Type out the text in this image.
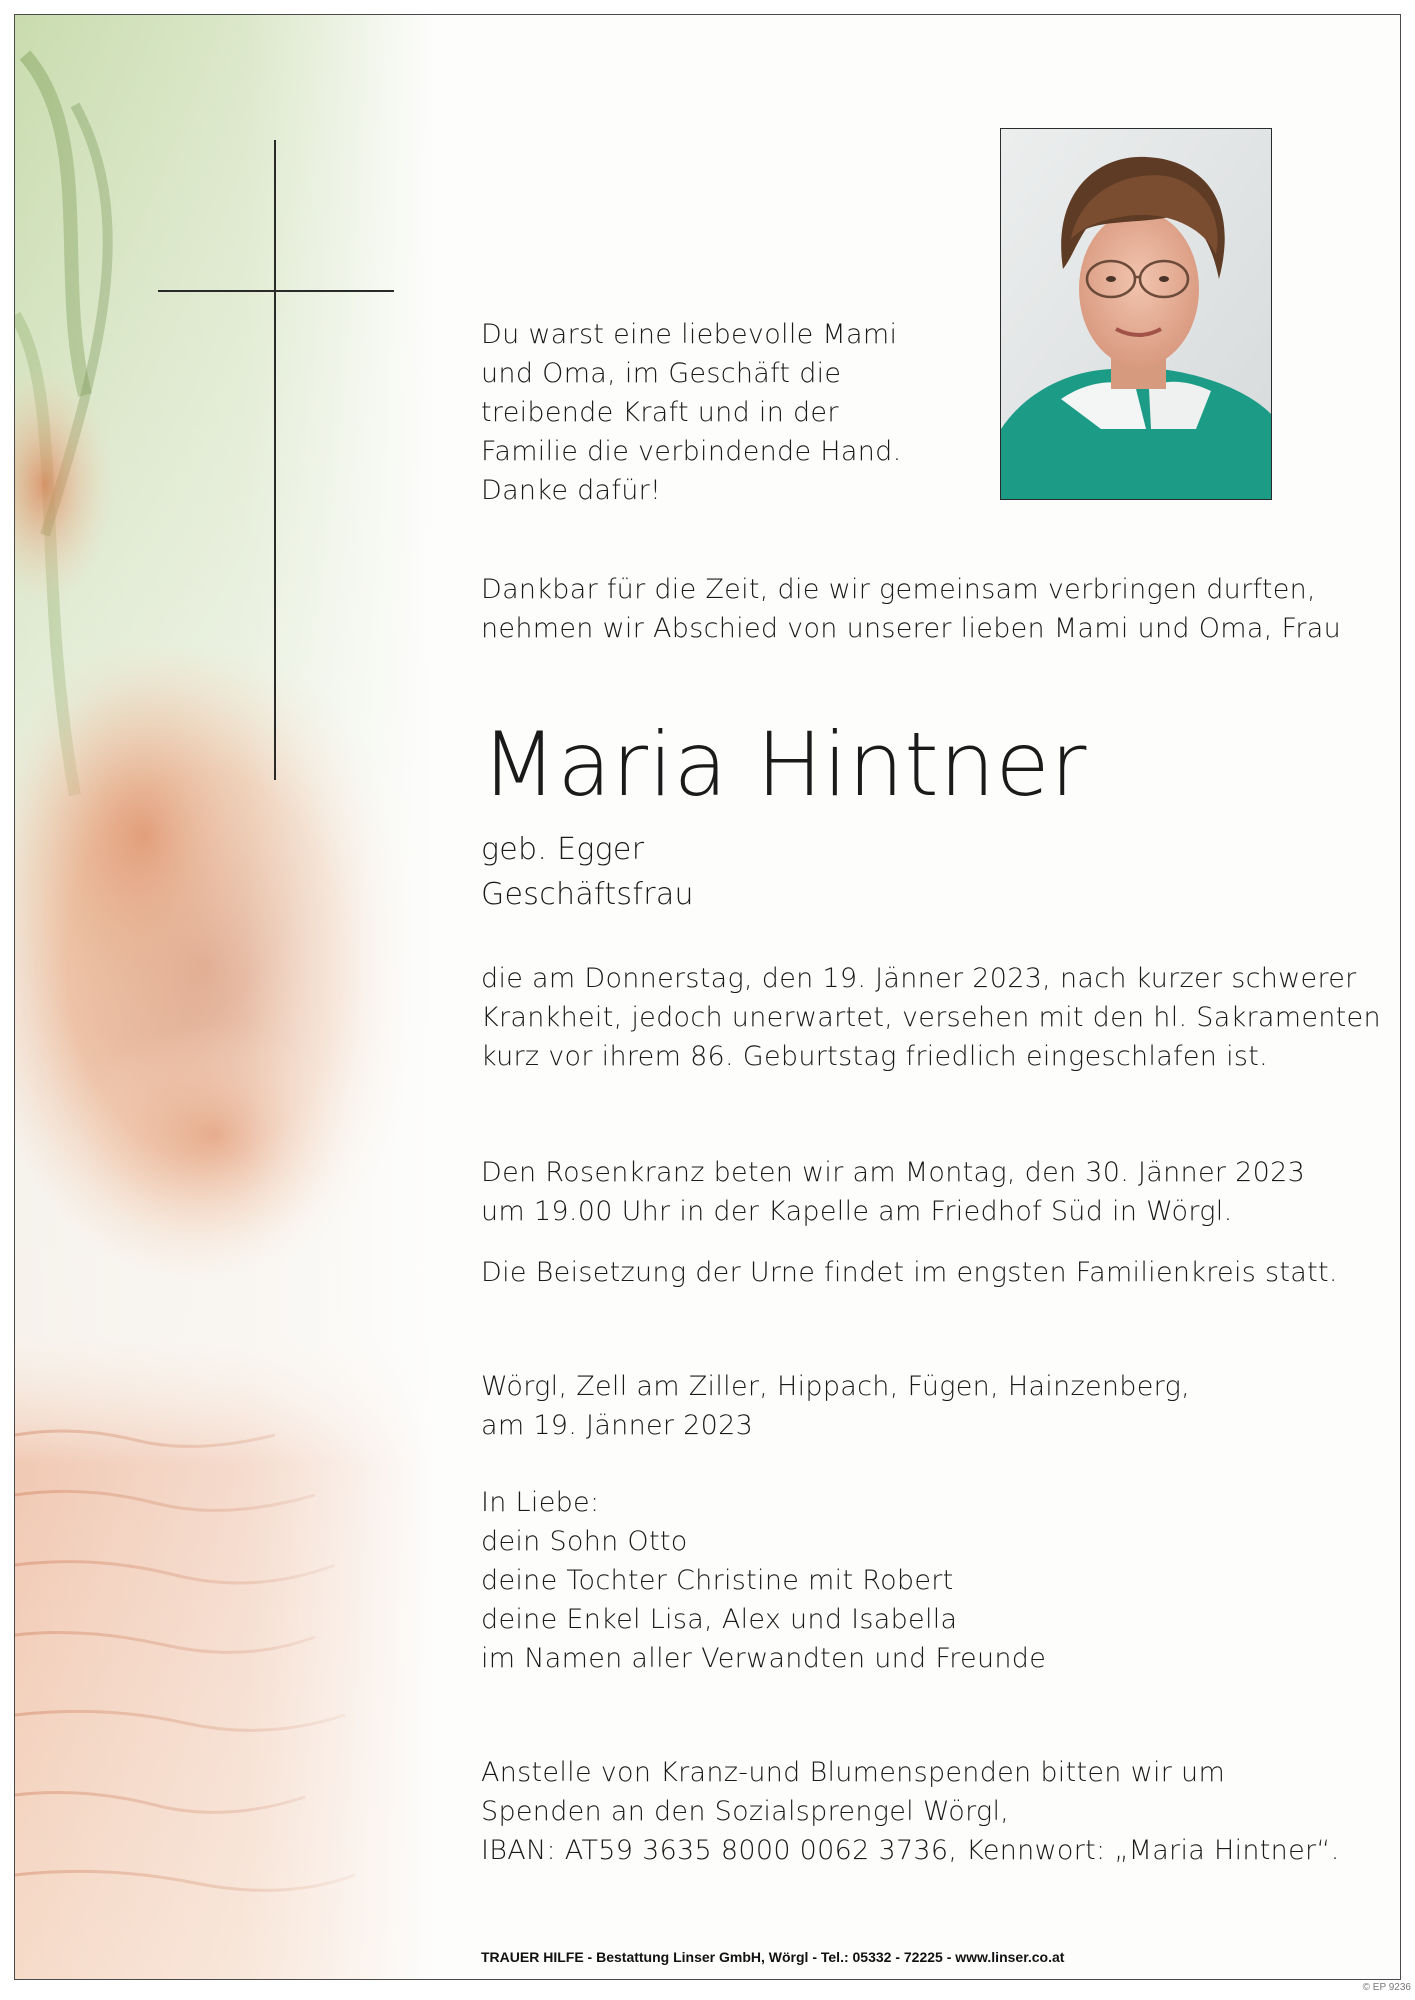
Du warst eine liebevolle Mami
und Oma, im Geschäft die
treibende Kraft und in der
Familie die verbindende Hand.
Danke dafür!
Dankbar für die Zeit, die wir gemeinsam verbringen durften,
nehmen wir Abschied von unserer lieben Mami und Oma, Frau
Maria Hintner
geb. Egger
Geschäftsfrau
die am Donnerstag, den 19. Jänner 2023, nach kurzer schwerer
Krankheit, jedoch unerwartet, versehen mit den hl. Sakramenten
kurz vor ihrem 86. Geburtstag friedlich eingeschlafen ist.
Den Rosenkranz beten wir am Montag, den 30. Jänner 2023
um 19.00 Uhr in der Kapelle am Friedhof Süd in Wörgl.
Die Beisetzung der Urne findet im engsten Familienkreis statt.
Wörgl, Zell am Ziller, Hippach, Fügen, Hainzenberg,
am 19. Jänner 2023
In Liebe:
dein Sohn Otto
deine Tochter Christine mit Robert
deine Enkel Lisa, Alex und Isabella
im Namen aller Verwandten und Freunde
Anstelle von Kranz-und Blumenspenden bitten wir um
Spenden an den Sozialsprengel Wörgl,
IBAN: AT59 3635 8000 0062 3736, Kennwort: „Maria Hintner“.
TRAUER HILFE - Bestattung Linser GmbH, Wörgl - Tel.: 05332 - 72225 - www.linser.co.at
© EP 9236
